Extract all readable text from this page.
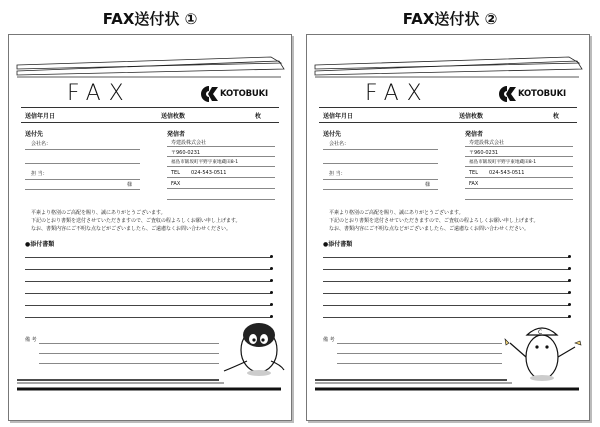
FAX送付状 ①	FAX送付状 ②
FAX	KOTOBUKI
送信年月日	送信枚数	枚
送付先
会社名：
担 当：
様
発信者
寿建設株式会社
〒960-0231
福島市飯坂町平野字東地蔵田8-1
TEL 024-543-0511
FAX
平素より格別のご高配を賜り、誠にありがとうございます。
下記のとおり書類を送付させていただきますので、ご査収の程よろしくお願い申し上げます。
なお、書類内容にご不明な点などがございましたら、ご遠慮なくお問い合わせください。
●添付書類
備 考
C
FAX	KOTOBUKI
送信年月日	送信枚数	枚
送付先
会社名：
担 当：
様
発信者
寿建設株式会社
〒960-0231
福島市飯坂町平野字東地蔵田8-1
TEL 024-543-0511
FAX
平素より格別のご高配を賜り、誠にありがとうございます。
下記のとおり書類を送付させていただきますので、ご査収の程よろしくお願い申し上げます。
なお、書類内容にご不明な点などがございましたら、ご遠慮なくお問い合わせください。
●添付書類
備 考
